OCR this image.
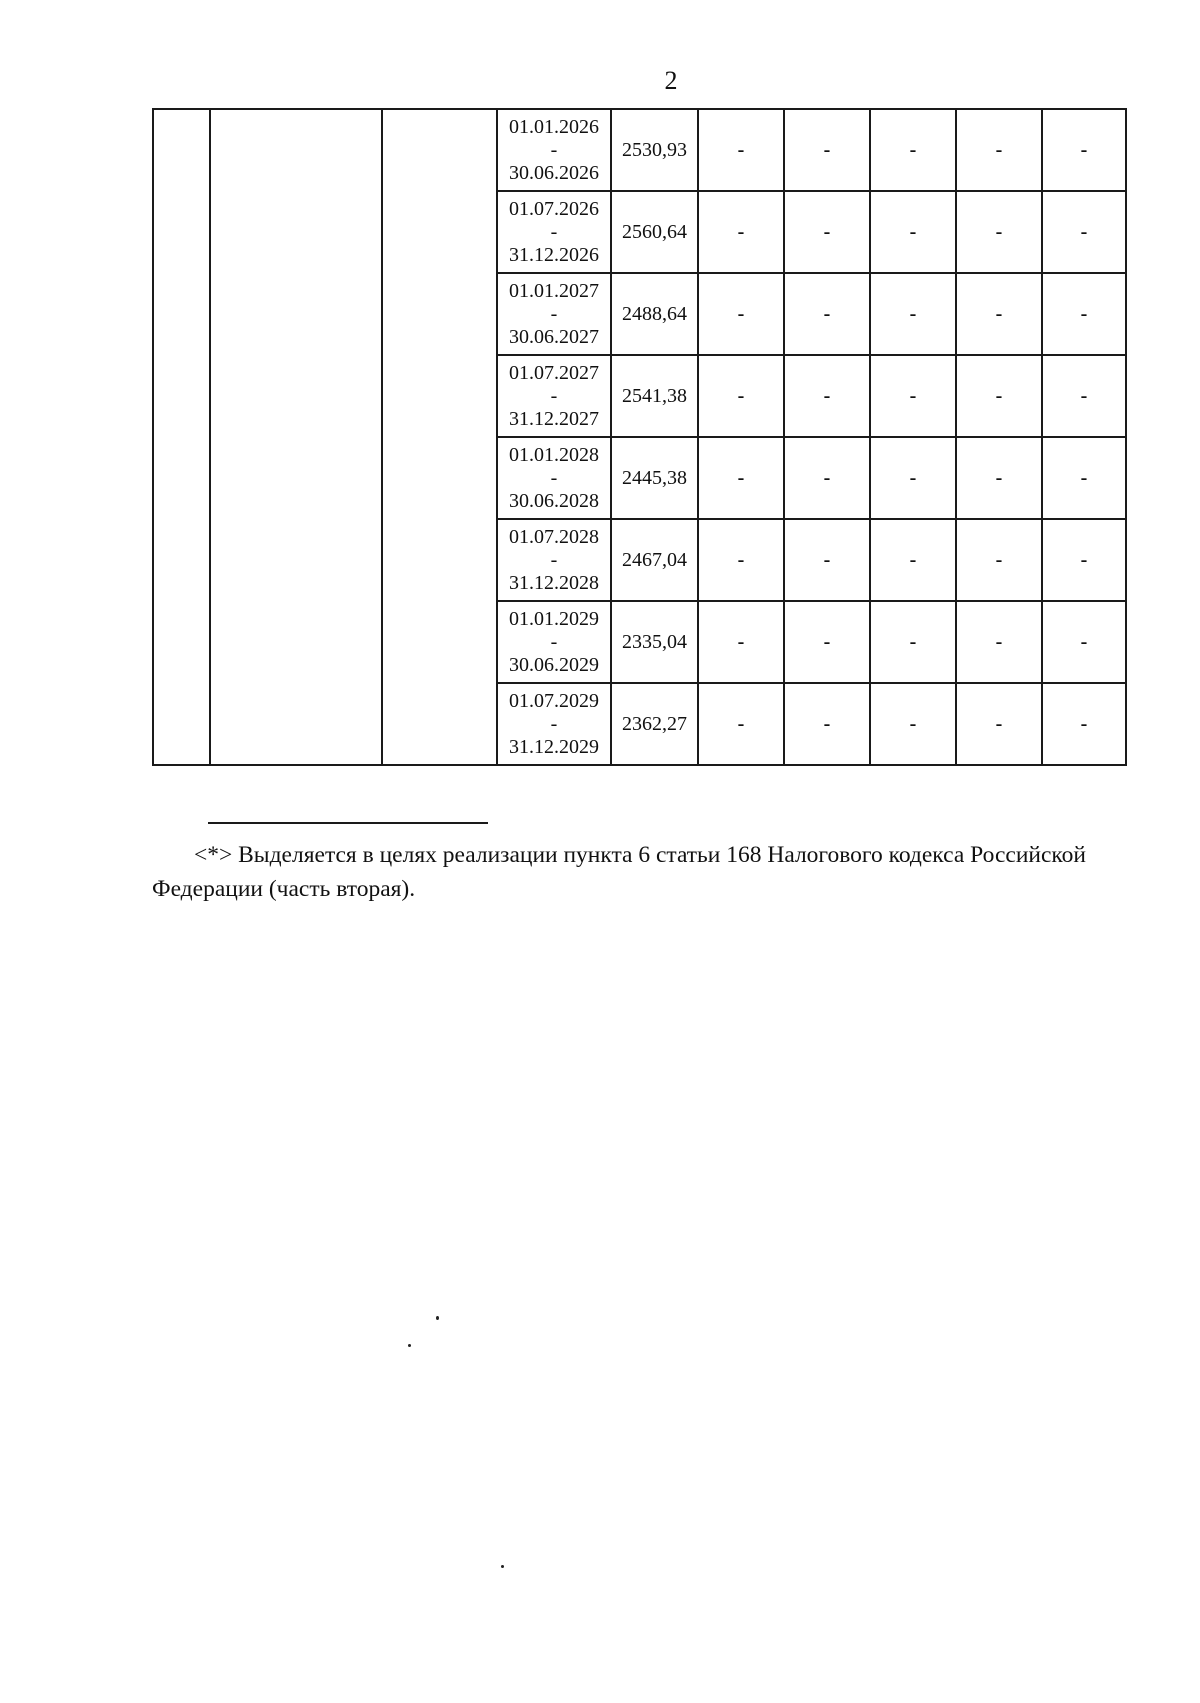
2

			01.01.2026
-
30.06.2026	2530,93	-	-	-	-	-

			01.07.2026
-
31.12.2026	2560,64	-	-	-	-	-

			01.01.2027
-
30.06.2027	2488,64	-	-	-	-	-

			01.07.2027
-
31.12.2027	2541,38	-	-	-	-	-

			01.01.2028
-
30.06.2028	2445,38	-	-	-	-	-

			01.07.2028
-
31.12.2028	2467,04	-	-	-	-	-

			01.01.2029
-
30.06.2029	2335,04	-	-	-	-	-

			01.07.2029
-
31.12.2029	2362,27	-	-	-	-	-
<*> Выделяется в целях реализации пункта 6 статьи 168 Налогового кодекса Российской Федерации (часть вторая).
